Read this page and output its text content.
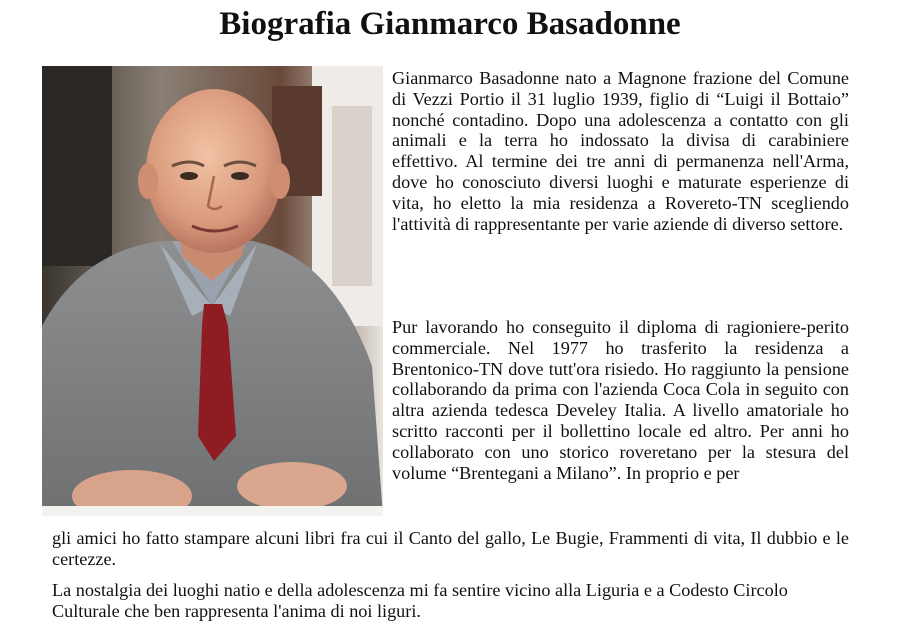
Biografia Gianmarco Basadonne

Gianmarco Basadonne nato a Magnone frazione del Comune di Vezzi Portio il 31 luglio 1939, figlio di “Luigi il Bottaio” nonché contadino. Dopo una adolescenza a contatto con gli animali e la terra ho indossato la divisa di carabiniere effettivo. Al termine dei tre anni di permanenza nell'Arma, dove ho conosciuto diversi luoghi e maturate esperienze di vita, ho eletto la mia residenza a Rovereto-TN scegliendo l'attività di rappresentante per varie aziende di diverso settore.

Pur lavorando ho conseguito il diploma di ragioniere-perito commerciale. Nel 1977 ho trasferito la residenza a Brentonico-TN dove tutt'ora risiedo. Ho raggiunto la pensione collaborando da prima con l'azienda Coca Cola in seguito con altra azienda tedesca Develey Italia. A livello amatoriale ho scritto racconti per il bollettino locale ed altro. Per anni ho collaborato con uno storico roveretano per la stesura del volume “Brentegani a Milano”. In proprio e per

gli amici ho fatto stampare alcuni libri fra cui il Canto del gallo, Le Bugie, Frammenti di vita, Il dubbio e le certezze.

La nostalgia dei luoghi natio e della adolescenza mi fa sentire vicino alla Liguria e a Codesto Circolo Culturale che ben rappresenta l'anima di noi liguri.
